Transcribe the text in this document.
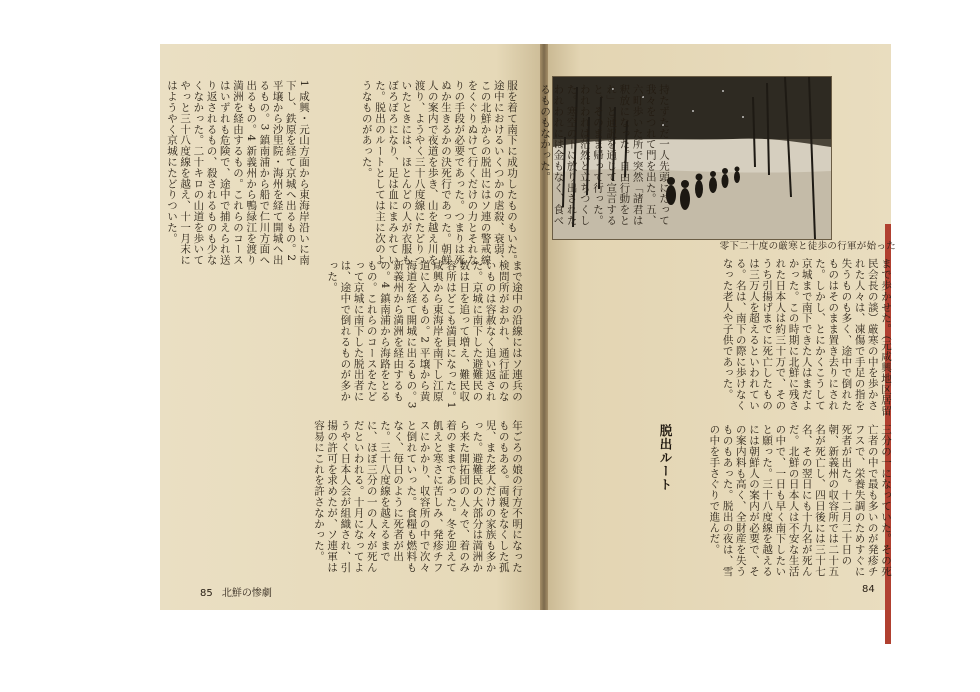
服を着て南下に成功したものもいた。途中におけるいくつかの虐殺、衰弱、この北鮮からの脱出にはソ連の警戒線をくぐりぬけて行くだけの力とそれなりの手段が必要であった。つまりは死ぬか生きるかの決死行であった。朝鮮人の案内で夜道を歩き、山を越え川を渡り、ようやく三十八度線にたどりついたときには、ほとんどの人が衣服もぼろぼろになり、足は血にまみれていた。脱出のルートとしては主に次のようなものがあった。
1 咸興・元山方面から東海岸沿いに南下し、鉄原を経て京城へ出るもの。2 平壌から沙里院・海州を経て開城へ出るもの。3 鎮南浦から船で仁川方面へ出るもの。4 新義州から鴨緑江を渡り満洲を経由するもの。これらのコースはいずれも危険で、途中で捕えられ送り返されるもの、殺されるものも少なくなかった。二十キロの山道を歩いてやっと三十八度線を越え、十一月末にはようやく京城にたどりついた。
まで途中の沿線にはソ連兵の検問所がおかれ、通行証のないものは容赦なく追い返された。京城に南下した避難民の数は日を追って増え、難民収容所はどこも満員になった。1 咸興から東海岸を南下し江原道に入るもの。2 平壌から黄海道を経て開城に出るもの。3 新義州から満洲を経由するもの。4 鎮南浦から海路をとるもの。これらのコースをたどって京城に南下した脱出者には、途中で倒れるものが多かった。
年ごろの娘の行方不明になったものもある。両親をなくした孤児、また老人だけの家族も多かった。避難民の大部分は満洲から来た開拓団の人々で、着のみ着のままであった。冬を迎えて飢えと寒さに苦しみ、発疹チフスにかかり、収容所の中で次々と倒れていった。食糧も燃料もなく、毎日のように死者が出た。三十八度線を越えるまでに、ほぼ三分の一の人々が死んだといわれる。十月になってようやく日本人会が組織され、引揚の許可を求めたが、ソ連軍は容易にこれを許さなかった。
零下二十度の厳寒と徒歩の行軍が始った
持たずただ一人先頭にたって我々をつれて門を出た。五、六町歩いた所で突然「諸君は釈放になった。自由行動をとれ」と通訳を通じて宣言すると、そのまま帰って行った。われわれは茫然と立ちつくした。寒空の下に放り出されたわれわれには金もなく、食べるものもなかった。
まで歩かせた。（元咸興地区居留民会長の談）厳寒の中を歩かされた人々は、凍傷で手足の指を失うものも多く、途中で倒れたものはそのまま置き去りにされた。しかし、とにかくこうして京城まで南下できた人はまだよかった。この時期に北鮮に残された日本人は約三十万で、そのうち引揚げまでに死亡したものは三万人を超えるといわれている。名は、南下の際に歩けなくなった老人や子供であった。
脱出ルート	三分の一になっていた。その死亡者の中で最も多いのが発疹チフスで、栄養失調のためすぐに死者が出た。十二月二十日の朝、新義州の収容所では二十五名が死亡し、四日後には三十七名、その翌日にも十九名が死んだ。北鮮の日本人は不安な生活の中で、一日も早く南下したいと願った。三十八度線を越えるには朝鮮人の案内が必要で、その案内料も高く、全財産を失うものもあった。脱出の夜は、雪の中を手さぐりで進んだ。
85 北鮮の惨劇	84
